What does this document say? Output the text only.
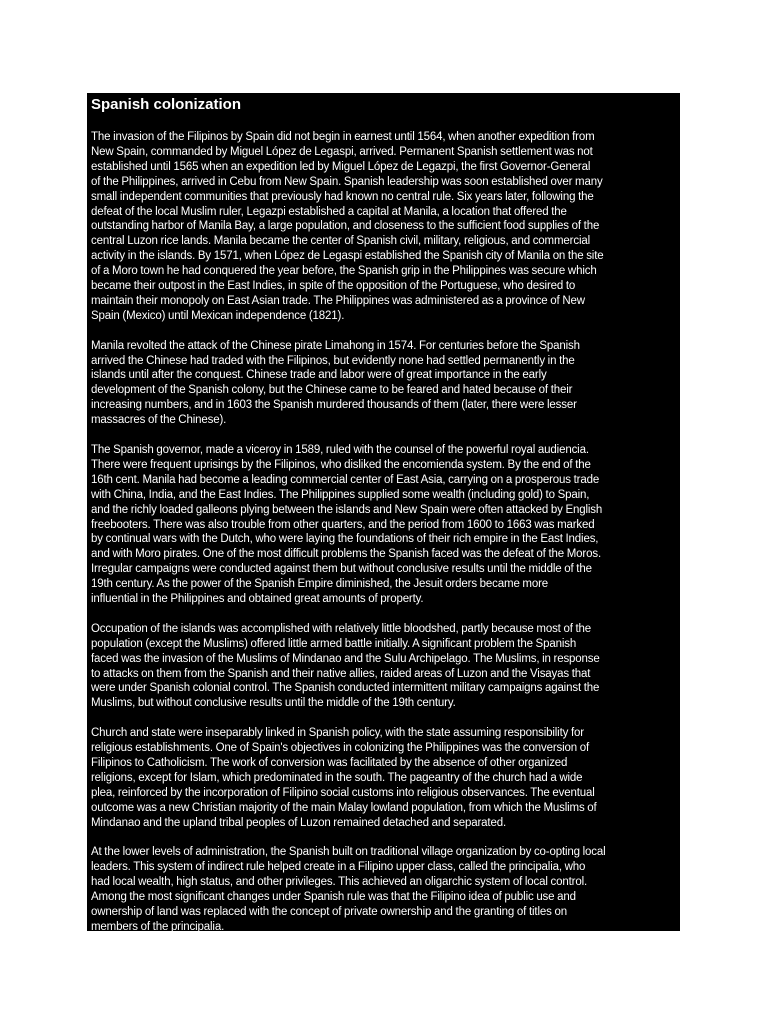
Spanish colonization

The invasion of the Filipinos by Spain did not begin in earnest until 1564, when another expedition from
New Spain, commanded by Miguel López de Legaspi, arrived. Permanent Spanish settlement was not
established until 1565 when an expedition led by Miguel López de Legazpi, the first Governor-General
of the Philippines, arrived in Cebu from New Spain. Spanish leadership was soon established over many
small independent communities that previously had known no central rule. Six years later, following the
defeat of the local Muslim ruler, Legazpi established a capital at Manila, a location that offered the
outstanding harbor of Manila Bay, a large population, and closeness to the sufficient food supplies of the
central Luzon rice lands. Manila became the center of Spanish civil, military, religious, and commercial
activity in the islands. By 1571, when López de Legaspi established the Spanish city of Manila on the site
of a Moro town he had conquered the year before, the Spanish grip in the Philippines was secure which
became their outpost in the East Indies, in spite of the opposition of the Portuguese, who desired to
maintain their monopoly on East Asian trade. The Philippines was administered as a province of New
Spain (Mexico) until Mexican independence (1821).

Manila revolted the attack of the Chinese pirate Limahong in 1574. For centuries before the Spanish
arrived the Chinese had traded with the Filipinos, but evidently none had settled permanently in the
islands until after the conquest. Chinese trade and labor were of great importance in the early
development of the Spanish colony, but the Chinese came to be feared and hated because of their
increasing numbers, and in 1603 the Spanish murdered thousands of them (later, there were lesser
massacres of the Chinese).

The Spanish governor, made a viceroy in 1589, ruled with the counsel of the powerful royal audiencia.
There were frequent uprisings by the Filipinos, who disliked the encomienda system. By the end of the
16th cent. Manila had become a leading commercial center of East Asia, carrying on a prosperous trade
with China, India, and the East Indies. The Philippines supplied some wealth (including gold) to Spain,
and the richly loaded galleons plying between the islands and New Spain were often attacked by English
freebooters. There was also trouble from other quarters, and the period from 1600 to 1663 was marked
by continual wars with the Dutch, who were laying the foundations of their rich empire in the East Indies,
and with Moro pirates. One of the most difficult problems the Spanish faced was the defeat of the Moros.
Irregular campaigns were conducted against them but without conclusive results until the middle of the
19th century. As the power of the Spanish Empire diminished, the Jesuit orders became more
influential in the Philippines and obtained great amounts of property.

Occupation of the islands was accomplished with relatively little bloodshed, partly because most of the
population (except the Muslims) offered little armed battle initially. A significant problem the Spanish
faced was the invasion of the Muslims of Mindanao and the Sulu Archipelago. The Muslims, in response
to attacks on them from the Spanish and their native allies, raided areas of Luzon and the Visayas that
were under Spanish colonial control. The Spanish conducted intermittent military campaigns against the
Muslims, but without conclusive results until the middle of the 19th century.

Church and state were inseparably linked in Spanish policy, with the state assuming responsibility for
religious establishments. One of Spain's objectives in colonizing the Philippines was the conversion of
Filipinos to Catholicism. The work of conversion was facilitated by the absence of other organized
religions, except for Islam, which predominated in the south. The pageantry of the church had a wide
plea, reinforced by the incorporation of Filipino social customs into religious observances. The eventual
outcome was a new Christian majority of the main Malay lowland population, from which the Muslims of
Mindanao and the upland tribal peoples of Luzon remained detached and separated.

At the lower levels of administration, the Spanish built on traditional village organization by co-opting local
leaders. This system of indirect rule helped create in a Filipino upper class, called the principalia, who
had local wealth, high status, and other privileges. This achieved an oligarchic system of local control.
Among the most significant changes under Spanish rule was that the Filipino idea of public use and
ownership of land was replaced with the concept of private ownership and the granting of titles on
members of the principalia.
